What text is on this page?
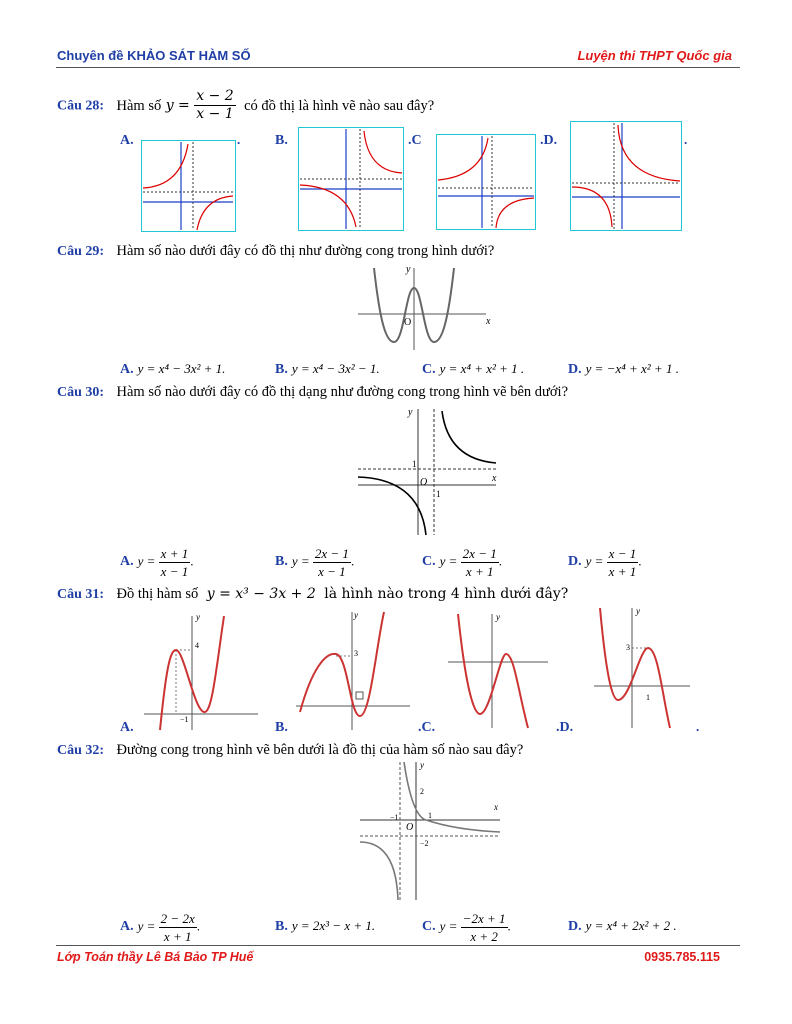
Chuyên đề KHẢO SÁT HÀM SỐ	Luyện thi THPT Quốc gia
Câu 28: Hàm số $y = \frac{x - 2}{x - 1}$ có đồ thị là hình vẽ nào sau đây?
A.	B.	.C	.D.
.	.
Câu 29: Hàm số nào dưới đây có đồ thị như đường cong trong hình dưới?
x
y
O
A. y = x⁴ − 3x² + 1.	B. y = x⁴ − 3x² − 1.	C. y = x⁴ + x² + 1 .	D. y = −x⁴ + x² + 1 .
Câu 30: Hàm số nào dưới đây có đồ thị dạng như đường cong trong hình vẽ bên dưới?
x
y
O
1
1
A. $y = \frac{x + 1}{x - 1}$ .	B. $y = \frac{2x - 1}{x - 1}$ .	C. $y = \frac{2x - 1}{x + 1}$ .	D. $y = \frac{x - 1}{x + 1}$ .
Câu 31: Đồ thị hàm số y = x³ − 3x + 2 là hình nào trong 4 hình dưới đây?
−1
4
y
3
y	y
3
y
1
A.	B.	.C.	.D.	.
Câu 32: Đường cong trong hình vẽ bên dưới là đồ thị của hàm số nào sau đây?
x
y
O
−1
2
1
−2
A. $y = \frac{2 - 2x}{x + 1}$ .	B. y = 2x³ − x + 1.	C. $y = \frac{-2x + 1}{x + 2}$ .	D. y = x⁴ + 2x² + 2 .
Lớp Toán thầy Lê Bá Bảo TP Huế	0935.785.115
